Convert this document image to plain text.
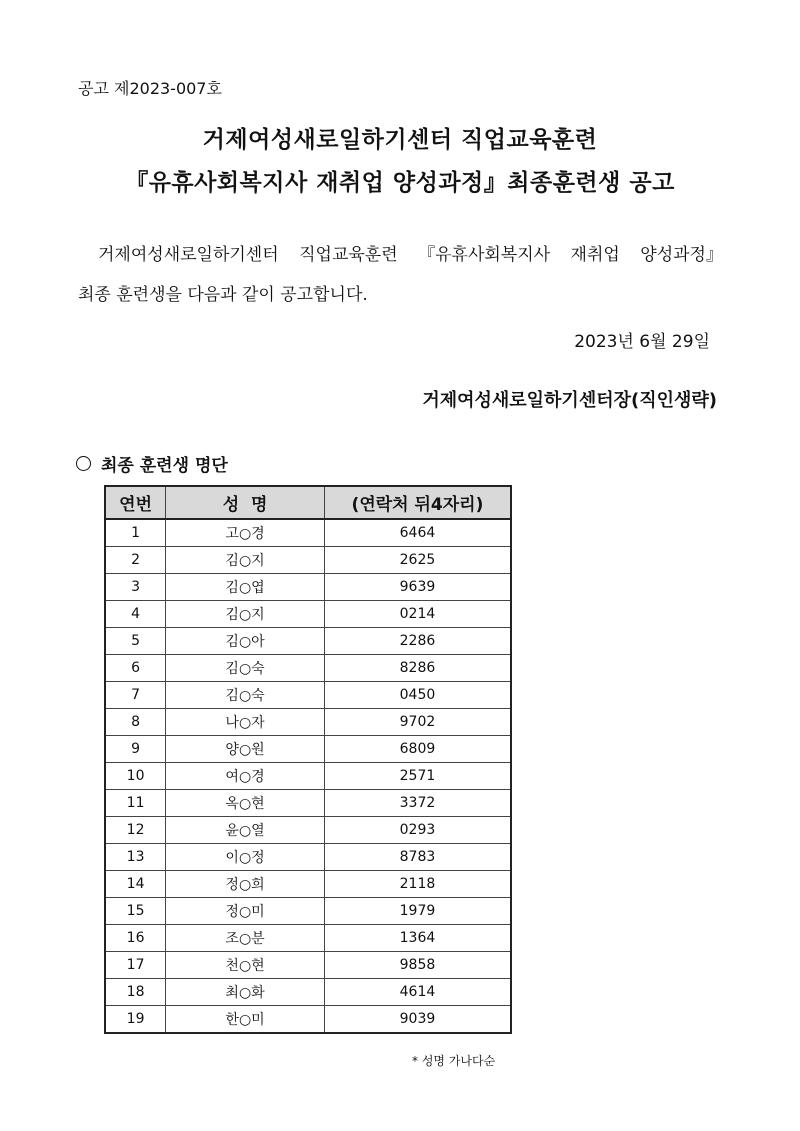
공고 제2023-007호
거제여성새로일하기센터 직업교육훈련
『유휴사회복지사 재취업 양성과정』최종훈련생 공고
거제여성새로일하기센터 직업교육훈련 『유휴사회복지사 재취업 양성과정』
최종 훈련생을 다음과 같이 공고합니다.
2023년 6월 29일
거제여성새로일하기센터장(직인생략)
최종 훈련생 명단
연번	성  명	(연락처 뒤4자리)
1	고○경	6464
2	김○지	2625
3	김○엽	9639
4	김○지	0214
5	김○아	2286
6	김○숙	8286
7	김○숙	0450
8	나○자	9702
9	양○원	6809
10	여○경	2571
11	옥○현	3372
12	윤○열	0293
13	이○정	8783
14	정○희	2118
15	정○미	1979
16	조○분	1364
17	천○현	9858
18	최○화	4614
19	한○미	9039
* 성명 가나다순
